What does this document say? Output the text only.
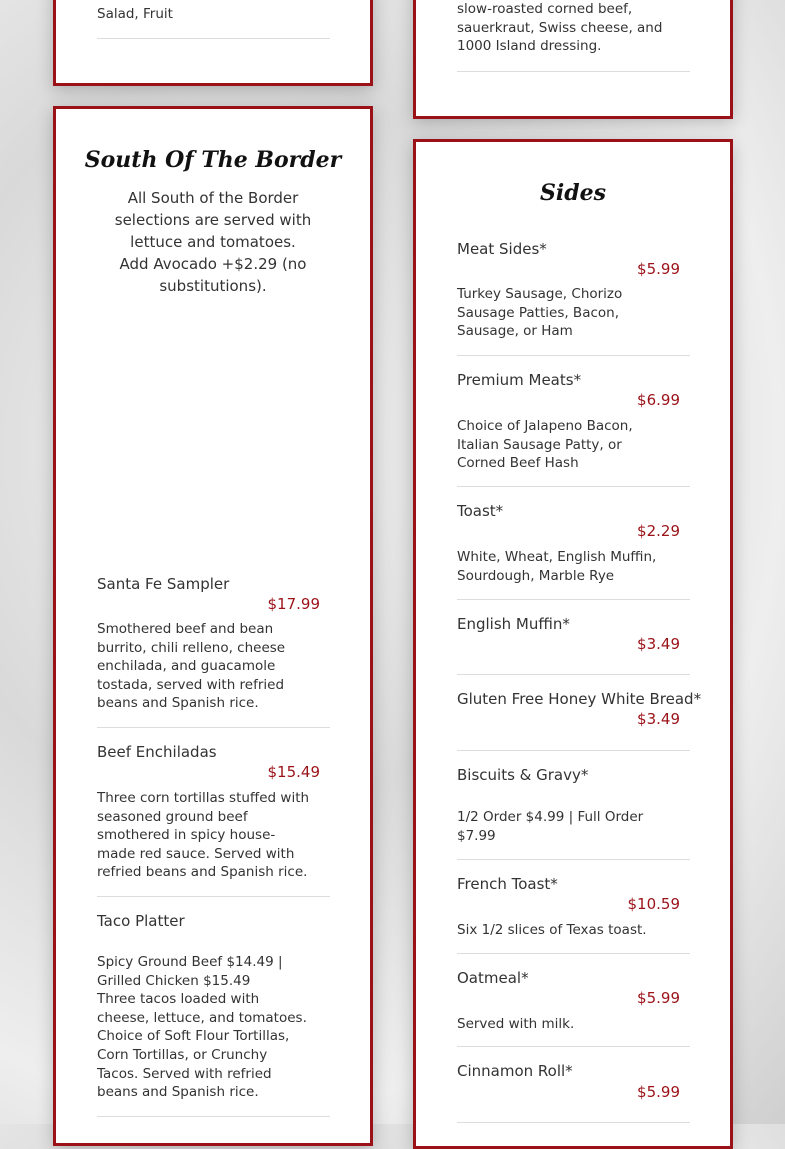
Salad, Fruit	slow-roasted corned beef, sauerkraut, Swiss cheese, and 1000 Island dressing.
South Of The Border
All South of the Border selections are served with lettuce and tomatoes.
Add Avocado +$2.29 (no substitutions).
Santa Fe Sampler
$17.99
Smothered beef and bean burrito, chili relleno, cheese enchilada, and guacamole tostada, served with refried beans and Spanish rice.
Beef Enchiladas
$15.49
Three corn tortillas stuffed with seasoned ground beef smothered in spicy house-made red sauce. Served with refried beans and Spanish rice.
Taco Platter
Spicy Ground Beef $14.49 | Grilled Chicken $15.49
Three tacos loaded with cheese, lettuce, and tomatoes. Choice of Soft Flour Tortillas, Corn Tortillas, or Crunchy Tacos. Served with refried beans and Spanish rice.
Sides
Meat Sides*
$5.99
Turkey Sausage, Chorizo Sausage Patties, Bacon, Sausage, or Ham
Premium Meats*
$6.99
Choice of Jalapeno Bacon, Italian Sausage Patty, or Corned Beef Hash
Toast*
$2.29
White, Wheat, English Muffin, Sourdough, Marble Rye
English Muffin*
$3.49
Gluten Free Honey White Bread*
$3.49
Biscuits & Gravy*
1/2 Order $4.99 | Full Order $7.99
French Toast*
$10.59
Six 1/2 slices of Texas toast.
Oatmeal*
$5.99
Served with milk.
Cinnamon Roll*
$5.99
